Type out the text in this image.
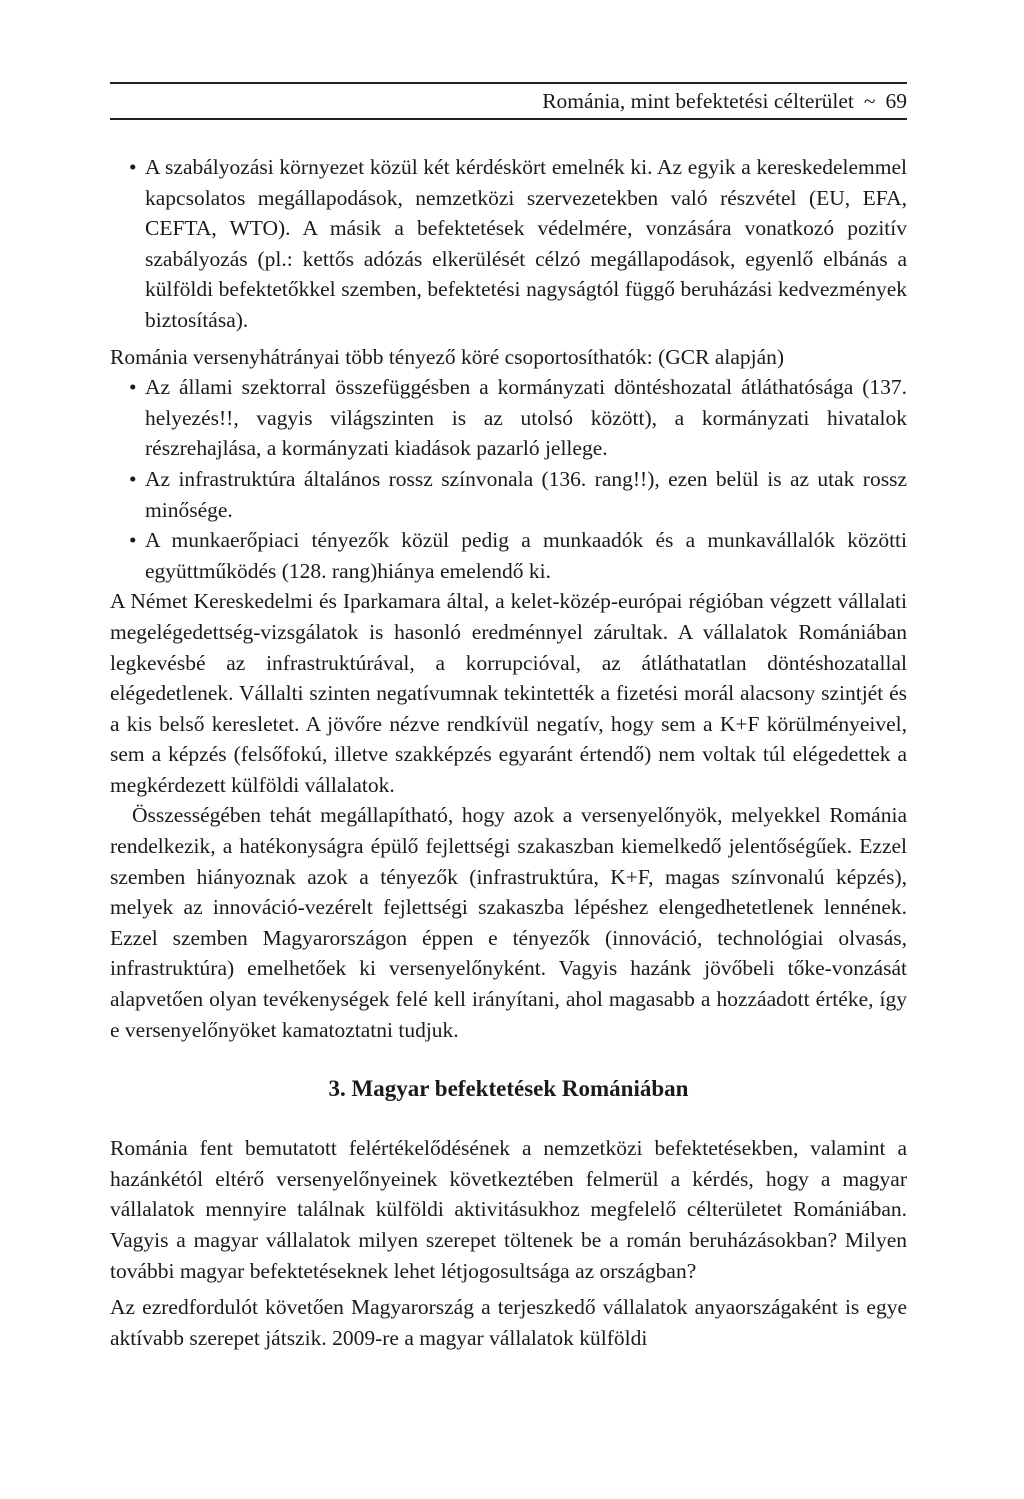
Románia, mint befektetési célterület ~ 69

• A szabályozási környezet közül két kérdéskört emelnék ki. Az egyik a kereskedelemmel kapcsolatos megállapodások, nemzetközi szervezetekben való részvétel (EU, EFA, CEFTA, WTO). A másik a befektetések védelmére, vonzására vonatkozó pozitív szabályozás (pl.: kettős adózás elkerülését célzó megállapodások, egyenlő elbánás a külföldi befektetőkkel szemben, befektetési nagyságtól függő beruházási kedvezmények biztosítása).

Románia versenyhátrányai több tényező köré csoportosíthatók: (GCR alapján)

• Az állami szektorral összefüggésben a kormányzati döntéshozatal átláthatósága (137. helyezés!!, vagyis világszinten is az utolsó között), a kormányzati hivatalok részrehajlása, a kormányzati kiadások pazarló jellege.

• Az infrastruktúra általános rossz színvonala (136. rang!!), ezen belül is az utak rossz minősége.

• A munkaerőpiaci tényezők közül pedig a munkaadók és a munkavállalók közötti együttműködés (128. rang)hiánya emelendő ki.

A Német Kereskedelmi és Iparkamara által, a kelet-közép-európai régióban végzett vállalati megelégedettség-vizsgálatok is hasonló eredménnyel zárultak. A vállalatok Romániában legkevésbé az infrastruktúrával, a korrupcióval, az átláthatatlan döntéshozatallal elégedetlenek. Vállalti szinten negatívumnak tekintették a fizetési morál alacsony szintjét és a kis belső keresletet. A jövőre nézve rendkívül negatív, hogy sem a K+F körülményeivel, sem a képzés (felsőfokú, illetve szakképzés egyaránt értendő) nem voltak túl elégedettek a megkérdezett külföldi vállalatok.

Összességében tehát megállapítható, hogy azok a versenyelőnyök, melyekkel Románia rendelkezik, a hatékonyságra épülő fejlettségi szakaszban kiemelkedő jelentőségűek. Ezzel szemben hiányoznak azok a tényezők (infrastruktúra, K+F, magas színvonalú képzés), melyek az innováció-vezérelt fejlettségi szakaszba lépéshez elengedhetetlenek lennének. Ezzel szemben Magyarországon éppen e tényezők (innováció, technológiai olvasás, infrastruktúra) emelhetőek ki versenyelőnyként. Vagyis hazánk jövőbeli tőke-vonzását alapvetően olyan tevékenységek felé kell irányítani, ahol magasabb a hozzáadott értéke, így e versenyelőnyöket kamatoztatni tudjuk.

3. Magyar befektetések Romániában

Románia fent bemutatott felértékelődésének a nemzetközi befektetésekben, valamint a hazánkétól eltérő versenyelőnyeinek következtében felmerül a kérdés, hogy a magyar vállalatok mennyire találnak külföldi aktivitásukhoz megfelelő célterületet Romániában. Vagyis a magyar vállalatok milyen szerepet töltenek be a román beruházásokban? Milyen további magyar befektetéseknek lehet létjogosultsága az országban?

Az ezredfordulót követően Magyarország a terjeszkedő vállalatok anyaországaként is egye aktívabb szerepet játszik. 2009-re a magyar vállalatok külföldi
